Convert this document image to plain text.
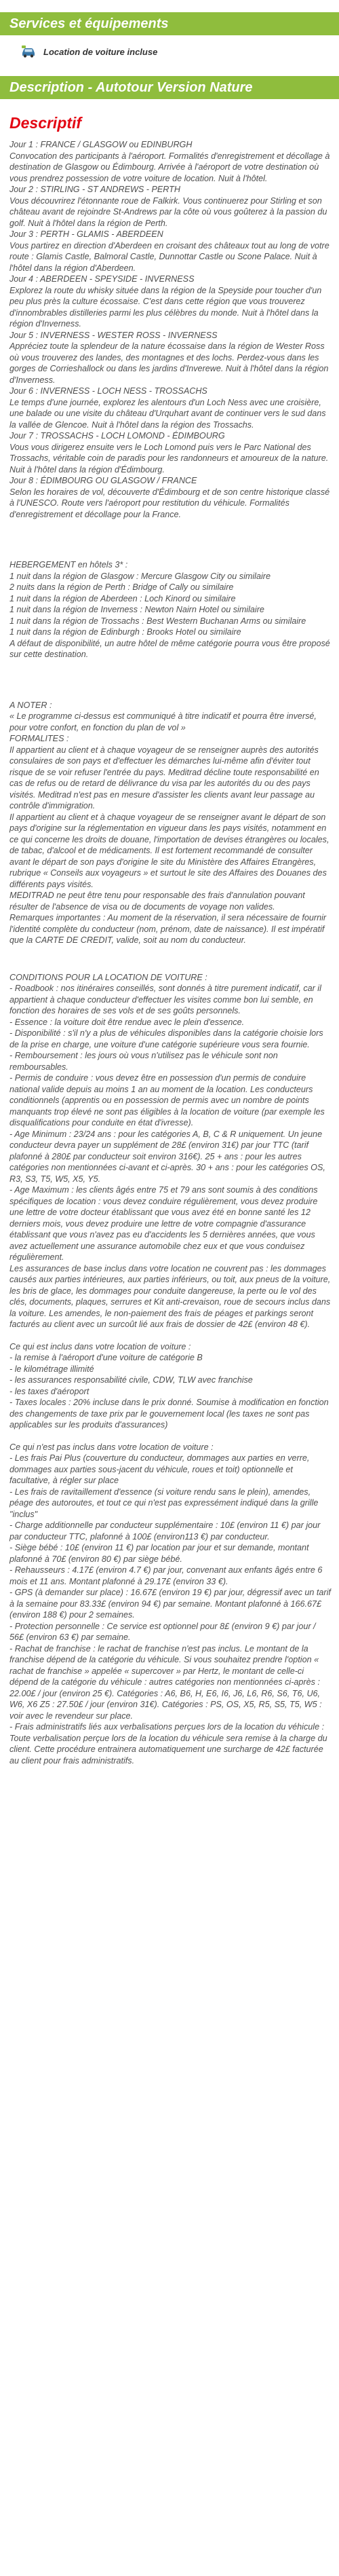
Services et équipements
Location de voiture incluse
Description - Autotour Version Nature
Descriptif

Jour 1 : FRANCE / GLASGOW ou EDINBURGH

Convocation des participants à l'aéroport. Formalités d'enregistrement et décollage à destination de Glasgow ou Édimbourg. Arrivée à l'aéroport de votre destination où vous prendrez possession de votre voiture de location. Nuit à l'hôtel.

Jour 2 : STIRLING - ST ANDREWS - PERTH

Vous découvrirez l'étonnante roue de Falkirk. Vous continuerez pour Stirling et son château avant de rejoindre St-Andrews par la côte où vous goûterez à la passion du golf. Nuit à l'hôtel dans la région de Perth.

Jour 3 : PERTH - GLAMIS - ABERDEEN

Vous partirez en direction d'Aberdeen en croisant des châteaux tout au long de votre route : Glamis Castle, Balmoral Castle, Dunnottar Castle ou Scone Palace. Nuit à l'hôtel dans la région d'Aberdeen.

Jour 4 : ABERDEEN - SPEYSIDE - INVERNESS

Explorez la route du whisky située dans la région de la Speyside pour toucher d'un peu plus près la culture écossaise. C'est dans cette région que vous trouverez d'innombrables distilleries parmi les plus célèbres du monde. Nuit à l'hôtel dans la région d'Inverness.

Jour 5 : INVERNESS - WESTER ROSS - INVERNESS

Appréciez toute la splendeur de la nature écossaise dans la région de Wester Ross où vous trouverez des landes, des montagnes et des lochs. Perdez-vous dans les gorges de Corrieshallock ou dans les jardins d'Inverewe. Nuit à l'hôtel dans la région d'Inverness.

Jour 6 : INVERNESS - LOCH NESS - TROSSACHS

Le temps d'une journée, explorez les alentours d'un Loch Ness avec une croisière, une balade ou une visite du château d'Urquhart avant de continuer vers le sud dans la vallée de Glencoe. Nuit à l'hôtel dans la région des Trossachs.

Jour 7 : TROSSACHS - LOCH LOMOND - ÉDIMBOURG

Vous vous dirigerez ensuite vers le Loch Lomond puis vers le Parc National des Trossachs, véritable coin de paradis pour les randonneurs et amoureux de la nature. Nuit à l'hôtel dans la région d'Édimbourg.

Jour 8 : ÉDIMBOURG OU GLASGOW / FRANCE

Selon les horaires de vol, découverte d'Édimbourg et de son centre historique classé à l'UNESCO. Route vers l'aéroport pour restitution du véhicule. Formalités d'enregistrement et décollage pour la France.

HEBERGEMENT en hôtels 3* :

1 nuit dans la région de Glasgow : Mercure Glasgow City ou similaire

2 nuits dans la région de Perth : Bridge of Cally ou similaire

1 nuit dans la région de Aberdeen : Loch Kinord ou similaire

1 nuit dans la région de Inverness : Newton Nairn Hotel ou similaire

1 nuit dans la région de Trossachs : Best Western Buchanan Arms ou similaire

1 nuit dans la région de Edinburgh : Brooks Hotel ou similaire

A défaut de disponibilité, un autre hôtel de même catégorie pourra vous être proposé sur cette destination.

A NOTER :

« Le programme ci-dessus est communiqué à titre indicatif et pourra être inversé, pour votre confort, en fonction du plan de vol »

FORMALITES :

Il appartient au client et à chaque voyageur de se renseigner auprès des autorités consulaires de son pays et d'effectuer les démarches lui-même afin d'éviter tout risque de se voir refuser l'entrée du pays. Meditrad décline toute responsabilité en cas de refus ou de retard de délivrance du visa par les autorités du ou des pays visités. Meditrad n'est pas en mesure d'assister les clients avant leur passage au contrôle d'immigration.

Il appartient au client et à chaque voyageur de se renseigner avant le départ de son pays d'origine sur la réglementation en vigueur dans les pays visités, notamment en ce qui concerne les droits de douane, l'importation de devises étrangères ou locales, de tabac, d'alcool et de médicaments. Il est fortement recommandé de consulter avant le départ de son pays d'origine le site du Ministère des Affaires Etrangères, rubrique « Conseils aux voyageurs » et surtout le site des Affaires des Douanes des différents pays visités.

MEDITRAD ne peut être tenu pour responsable des frais d'annulation pouvant résulter de l'absence de visa ou de documents de voyage non valides.

Remarques importantes : Au moment de la réservation, il sera nécessaire de fournir l'identité complète du conducteur (nom, prénom, date de naissance). Il est impératif que la CARTE DE CREDIT, valide, soit au nom du conducteur.

CONDITIONS POUR LA LOCATION DE VOITURE :

- Roadbook : nos itinéraires conseillés, sont donnés à titre purement indicatif, car il appartient à chaque conducteur d'effectuer les visites comme bon lui semble, en fonction des horaires de ses vols et de ses goûts personnels.

- Essence : la voiture doit être rendue avec le plein d'essence.

- Disponibilité : s'il n'y a plus de véhicules disponibles dans la catégorie choisie lors de la prise en charge, une voiture d'une catégorie supérieure vous sera fournie.

- Remboursement : les jours où vous n'utilisez pas le véhicule sont non remboursables.

- Permis de conduire : vous devez être en possession d'un permis de conduire national valide depuis au moins 1 an au moment de la location. Les conducteurs conditionnels (apprentis ou en possession de permis avec un nombre de points manquants trop élevé ne sont pas éligibles à la location de voiture (par exemple les disqualifications pour conduite en état d'ivresse).

- Age Minimum : 23/24 ans : pour les catégories A, B, C & R uniquement. Un jeune conducteur devra payer un supplément de 28£ (environ 31€) par jour TTC (tarif plafonné à 280£ par conducteur soit environ 316€). 25 + ans : pour les autres catégories non mentionnées ci-avant et ci-après. 30 + ans : pour les catégories OS, R3, S3, T5, W5, X5, Y5.

- Age Maximum : les clients âgés entre 75 et 79 ans sont soumis à des conditions spécifiques de location : vous devez conduire régulièrement, vous devez produire une lettre de votre docteur établissant que vous avez été en bonne santé les 12 derniers mois, vous devez produire une lettre de votre compagnie d'assurance établissant que vous n'avez pas eu d'accidents les 5 dernières années, que vous avez actuellement une assurance automobile chez eux et que vous conduisez régulièrement.

Les assurances de base inclus dans votre location ne couvrent pas : les dommages causés aux parties intérieures, aux parties inférieurs, ou toit, aux pneus de la voiture, les bris de glace, les dommages pour conduite dangereuse, la perte ou le vol des clés, documents, plaques, serrures et Kit anti-crevaison, roue de secours inclus dans la voiture. Les amendes, le non-paiement des frais de péages et parkings seront facturés au client avec un surcoût lié aux frais de dossier de 42£ (environ 48 €).

Ce qui est inclus dans votre location de voiture :

- la remise à l'aéroport d'une voiture de catégorie B

- le kilométrage illimité

- les assurances responsabilité civile, CDW, TLW avec franchise

- les taxes d'aéroport

- Taxes locales : 20% incluse dans le prix donné. Soumise à modification en fonction des changements de taxe prix par le gouvernement local (les taxes ne sont pas applicables sur les produits d'assurances)

Ce qui n'est pas inclus dans votre location de voiture :

- Les frais Pai Plus (couverture du conducteur, dommages aux parties en verre, dommages aux parties sous-jacent du véhicule, roues et toit) optionnelle et facultative, à régler sur place

- Les frais de ravitaillement d'essence (si voiture rendu sans le plein), amendes, péage des autoroutes, et tout ce qui n'est pas expressément indiqué dans la grille "inclus"

- Charge additionnelle par conducteur supplémentaire : 10£ (environ 11 €) par jour par conducteur TTC, plafonné à 100£ (environ113 €) par conducteur.

- Siège bébé : 10£ (environ 11 €) par location par jour et sur demande, montant plafonné à 70£ (environ 80 €) par siège bébé.

- Rehausseurs : 4.17£ (environ 4.7 €) par jour, convenant aux enfants âgés entre 6 mois et 11 ans. Montant plafonné à 29.17£ (environ 33 €).

- GPS (à demander sur place) : 16.67£ (environ 19 €) par jour, dégressif avec un tarif à la semaine pour 83.33£ (environ 94 €) par semaine. Montant plafonné à 166.67£ (environ 188 €) pour 2 semaines.

- Protection personnelle : Ce service est optionnel pour 8£ (environ 9 €) par jour / 56£ (environ 63 €) par semaine.

- Rachat de franchise : le rachat de franchise n'est pas inclus. Le montant de la franchise dépend de la catégorie du véhicule. Si vous souhaitez prendre l'option « rachat de franchise » appelée « supercover » par Hertz, le montant de celle-ci dépend de la catégorie du véhicule : autres catégories non mentionnées ci-après : 22.00£ / jour (environ 25 €). Catégories : A6, B6, H, E6, I6, J6, L6, R6, S6, T6, U6, W6, X6 Z5 : 27.50£ / jour (environ 31€). Catégories : PS, OS, X5, R5, S5, T5, W5 : voir avec le revendeur sur place.

- Frais administratifs liés aux verbalisations perçues lors de la location du véhicule : Toute verbalisation perçue lors de la location du véhicule sera remise à la charge du client. Cette procédure entrainera automatiquement une surcharge de 42£ facturée au client pour frais administratifs.
